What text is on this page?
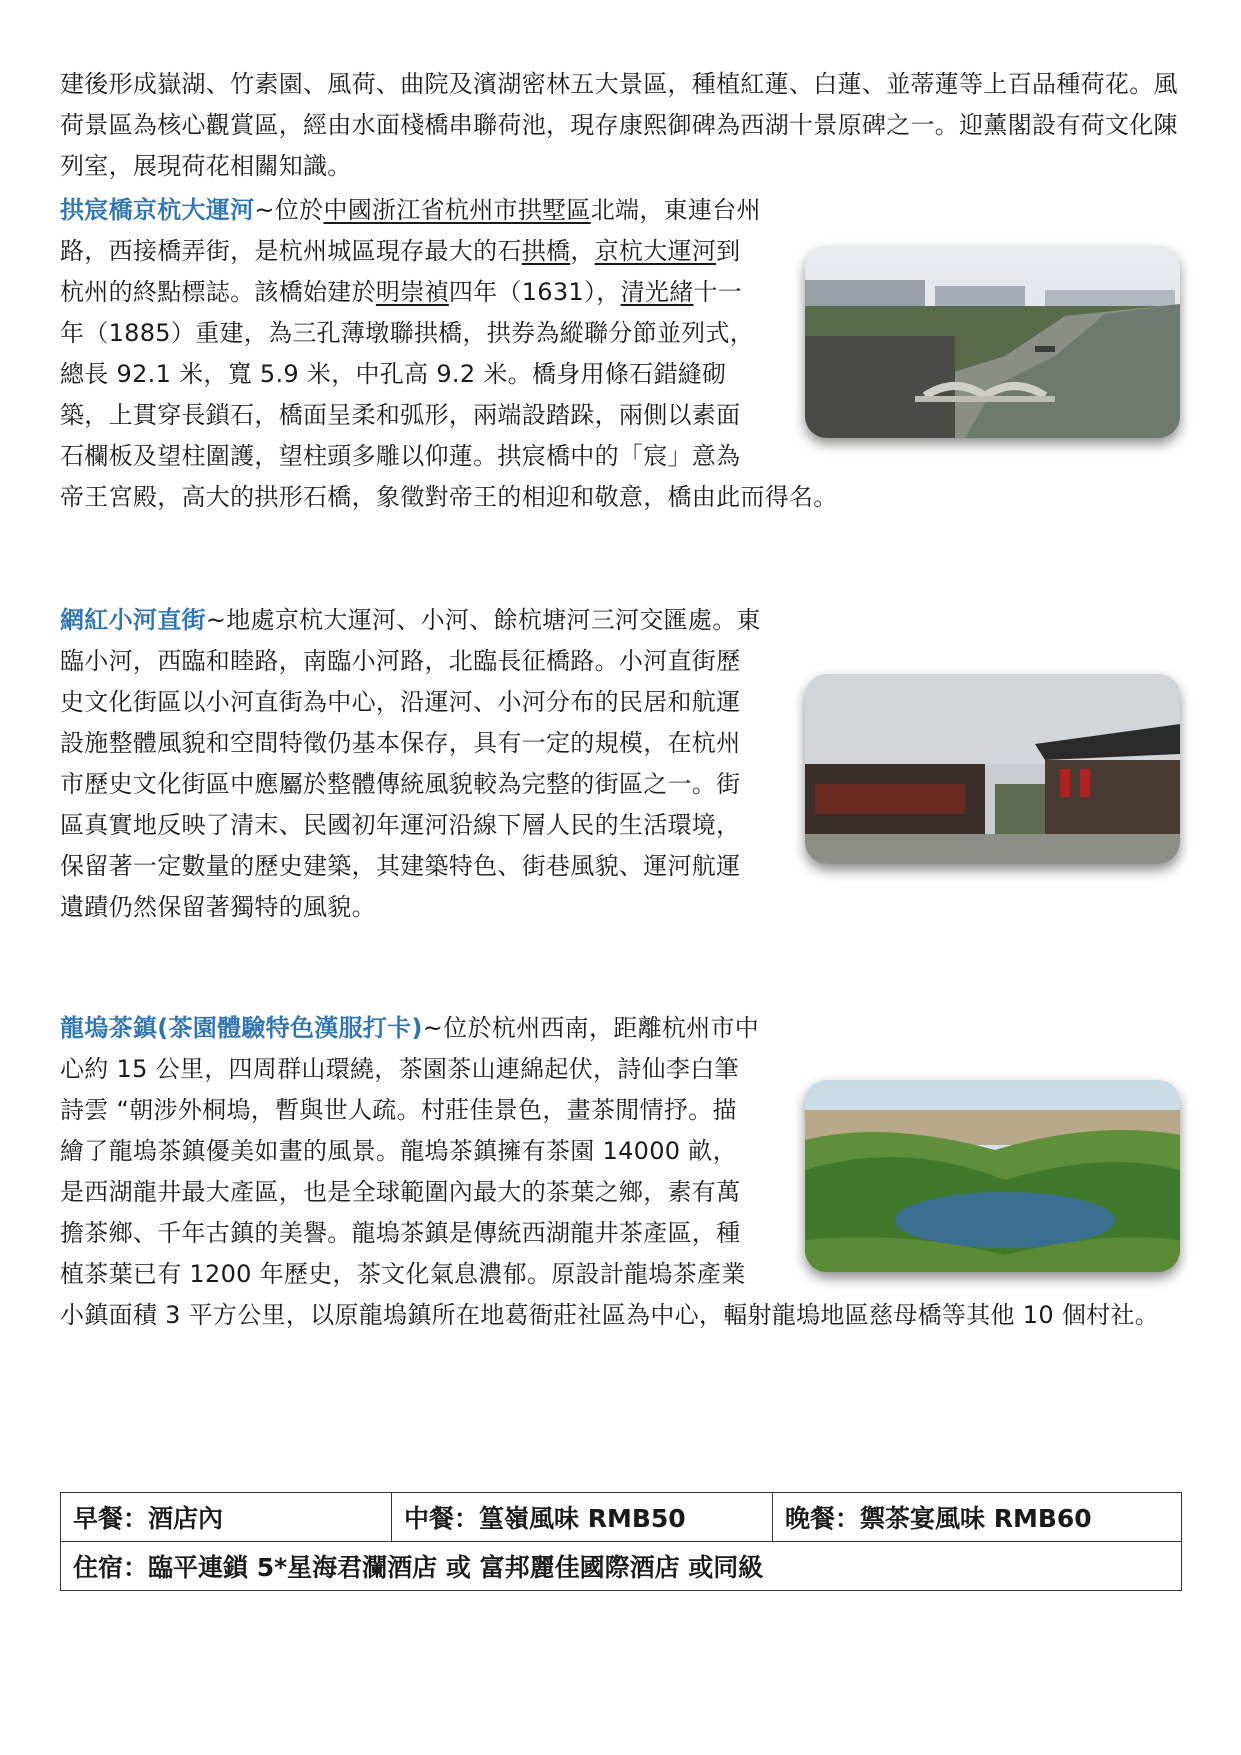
建後形成嶽湖、竹素園、風荷、曲院及濱湖密林五大景區，種植紅蓮、白蓮、並蒂蓮等上百品種荷花。風荷景區為核心觀賞區，經由水面棧橋串聯荷池，現存康熙御碑為西湖十景原碑之一。迎薰閣設有荷文化陳列室，展現荷花相關知識。

拱宸橋京杭大運河~位於中國浙江省杭州市拱墅區北端，東連台州路，西接橋弄街，是杭州城區現存最大的石拱橋，京杭大運河到杭州的終點標誌。該橋始建於明崇禎四年（1631），清光緒十一年（1885）重建，為三孔薄墩聯拱橋，拱券為縱聯分節並列式，總長 92.1 米，寬 5.9 米，中孔高 9.2 米。橋身用條石錯縫砌築，上貫穿長鎖石，橋面呈柔和弧形，兩端設踏跺，兩側以素面石欄板及望柱圍護，望柱頭多雕以仰蓮。拱宸橋中的「宸」意為帝王宮殿，高大的拱形石橋，象徵對帝王的相迎和敬意，橋由此而得名。

網紅小河直街~地處京杭大運河、小河、餘杭塘河三河交匯處。東臨小河，西臨和睦路，南臨小河路，北臨長征橋路。小河直街歷史文化街區以小河直街為中心，沿運河、小河分布的民居和航運設施整體風貌和空間特徵仍基本保存，具有一定的規模，在杭州市歷史文化街區中應屬於整體傳統風貌較為完整的街區之一。街區真實地反映了清末、民國初年運河沿線下層人民的生活環境，保留著一定數量的歷史建築，其建築特色、街巷風貌、運河航運遺蹟仍然保留著獨特的風貌。

龍塢茶鎮(茶園體驗特色漢服打卡)~位於杭州西南，距離杭州市中心約 15 公里，四周群山環繞，茶園茶山連綿起伏，詩仙李白筆詩雲 “朝涉外桐塢，暫與世人疏。村莊佳景色，畫茶閒情抒。描繪了龍塢茶鎮優美如畫的風景。龍塢茶鎮擁有茶園 14000 畝，是西湖龍井最大產區，也是全球範圍內最大的茶葉之鄉，素有萬擔茶鄉、千年古鎮的美譽。龍塢茶鎮是傳統西湖龍井茶產區，種植茶葉已有 1200 年歷史，茶文化氣息濃郁。原設計龍塢茶產業小鎮面積 3 平方公里，以原龍塢鎮所在地葛衙莊社區為中心，輻射龍塢地區慈母橋等其他 10 個村社。

早餐：酒店內	中餐：篁嶺風味 RMB50	晚餐：禦茶宴風味 RMB60
住宿：臨平連鎖 5*星海君瀾酒店 或 富邦麗佳國際酒店 或同級
